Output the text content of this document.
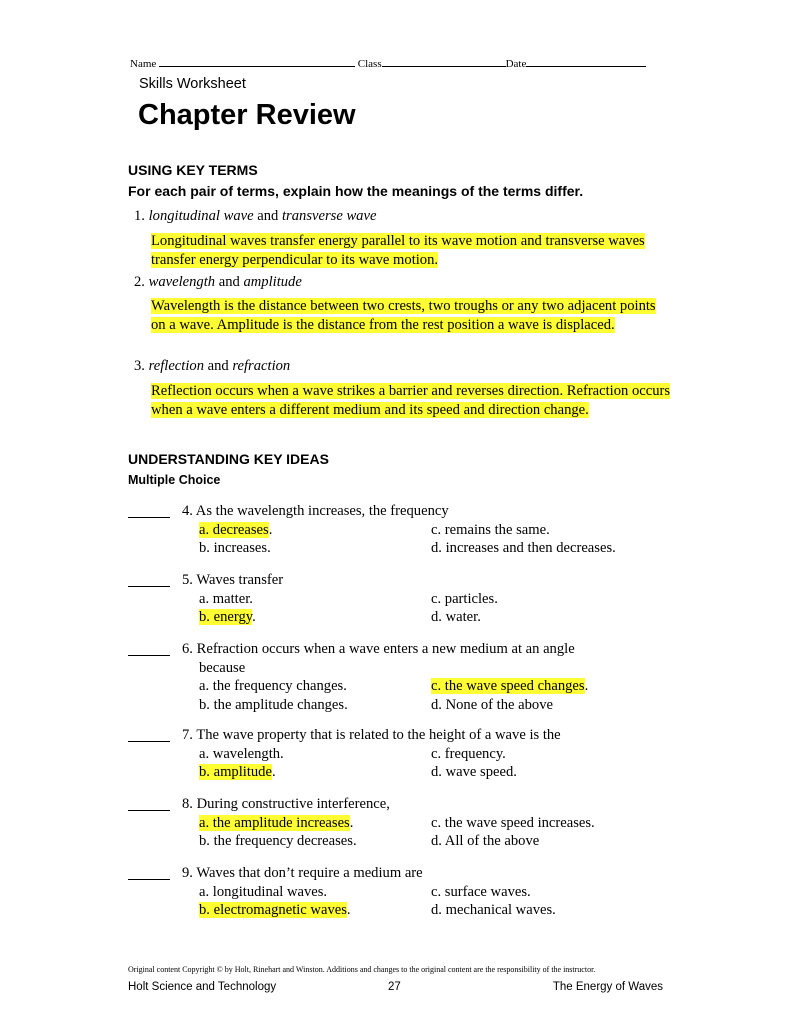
Name	Class	Date
Skills Worksheet
Chapter Review
USING KEY TERMS
For each pair of terms, explain how the meanings of the terms differ.
1. longitudinal wave and transverse wave
Longitudinal waves transfer energy parallel to its wave motion and transverse waves transfer energy perpendicular to its wave motion.
2. wavelength and amplitude
Wavelength is the distance between two crests, two troughs or any two adjacent points on a wave. Amplitude is the distance from the rest position a wave is displaced.
3. reflection and refraction
Reflection occurs when a wave strikes a barrier and reverses direction. Refraction occurs when a wave enters a different medium and its speed and direction change.
UNDERSTANDING KEY IDEAS
Multiple Choice
4. As the wavelength increases, the frequency
a. decreases.
b. increases.
c. remains the same.
d. increases and then decreases.
5. Waves transfer
a. matter.
b. energy.
c. particles.
d. water.
6. Refraction occurs when a wave enters a new medium at an angle
because
a. the frequency changes.
b. the amplitude changes.
c. the wave speed changes.
d. None of the above
7. The wave property that is related to the height of a wave is the
a. wavelength.
b. amplitude.
c. frequency.
d. wave speed.
8. During constructive interference,
a. the amplitude increases.
b. the frequency decreases.
c. the wave speed increases.
d. All of the above
9. Waves that don’t require a medium are
a. longitudinal waves.
b. electromagnetic waves.
c. surface waves.
d. mechanical waves.
Original content Copyright © by Holt, Rinehart and Winston. Additions and changes to the original content are the responsibility of the instructor.
Holt Science and Technology	27	The Energy of Waves
